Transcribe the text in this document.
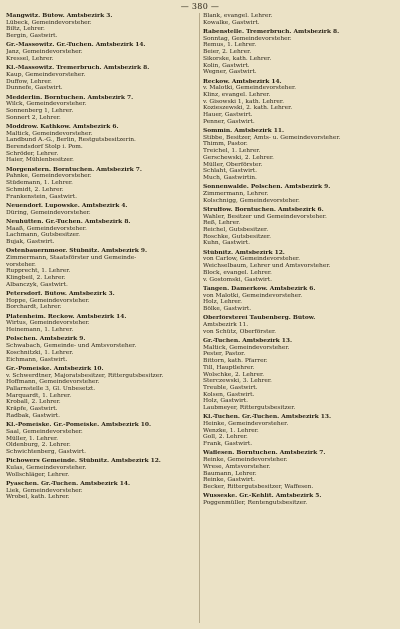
— 380 —
Mangwitz. Bütow. Amtsbezirk 3.
Lübeck, Gemeindevorsteher.
Biltz, Lehrer.
Bergin, Gastwirt.
Gr.-Massowitz. Gr.-Tuchen. Amtsbezirk 14.
Janz, Gemeindevorsteher.
Kressel, Lehrer.
Kl.-Massowitz. Tremerbruch. Amtsbezirk 8.
Kaup, Gemeindevorsteher.
Duffow, Lehrer.
Dunnefe, Gastwirt.
Medderlin. Borntuchen. Amtsbezirk 7.
Wilck, Gemeindevorsteher.
Sonnenberg 1, Lehrer.
Sonnert 2, Lehrer.
Moddrow. Kathkow. Amtsbezirk 6.
Maltick, Gemeindevorsteher.
Landbund A.-G., Berlin, Restgutsbesitzerin.
Berendsdorf Stolp i. Pom.
Schröder, Lehrer.
Haier, Mühlenbesitzer.
Morgenstern. Borntuchen. Amtsbezirk 7.
Pahnke, Gemeindevorsteher.
Stüdemann, 1. Lehrer.
Schmidt, 2. Lehrer.
Frankenstein, Gastwirt.
Neuendorf. Lupowske. Amtsbezirk 4.
Düring, Gemeindevorsteher.
Neuhütten. Gr.-Tuchen. Amtsbezirk 8.
Maaß, Gemeindevorsteher.
Lachmann, Gutsbesitzer.
Bujak, Gastwirt.
Ostenbauernmoor. Stübnitz. Amtsbezirk 9.
Zimmermann, Staatsförster und Gemeinde-
vorsteher.
Rupprecht, 1. Lehrer.
Klingbeil, 2. Lehrer.
Albanczyk, Gastwirt.
Petersdorf. Bütow. Amtsbezirk 3.
Hoppe, Gemeindevorsteher.
Borchardt, Lehrer.
Platenheim. Reckow. Amtsbezirk 14.
Wirtus, Gemeindevorsteher.
Heinemann, 1. Lehrer.
Polschen. Amtsbezirk 9.
Schwabach, Gemeinde- und Amtsvorsteher.
Koschnitzki, 1. Lehrer.
Eichmann, Gastwirt.
Gr.-Pomeiske. Amtsbezirk 10.
v. Schwerdtner, Majoratsbesitzer, Rittergutsbesitzer.
Hoffmann, Gemeindevorsteher.
Pallarnstelle 3, Gl. Unbesetzt.
Marquardt, 1. Lehrer.
Kroball, 2. Lehrer.
Kräpfe, Gastwirt.
Radbak, Gastwirt.
Kl.-Pomeiske. Gr.-Pomeiske. Amtsbezirk 10.
Saal, Gemeindevorsteher.
Müller, 1. Lehrer.
Oldenburg, 2. Lehrer.
Schwichtenberg, Gastwirt.
Pichowers Gemeinde. Stübnitz. Amtsbezirk 12.
Kulas, Gemeindevorsteher.
Wollschläger, Lehrer.
Pyaschen. Gr.-Tuchen. Amtsbezirk 14.
Liek, Gemeindevorsteher.
Wrobel, kath. Lehrer.
Blank, evangel. Lehrer.
Kowalke, Gastwirt.
Rabenstelle. Tremerbruch. Amtsbezirk 8.
Sonntag, Gemeindevorsteher.
Remus, 1. Lehrer.
Beier, 2. Lehrer.
Sikorske, kath. Lehrer.
Kolin, Gastwirt.
Wegner, Gastwirt.
Reckow. Amtsbezirk 14.
v. Malotki, Gemeindevorsteher.
Klinz, evangel. Lehrer.
v. Gisowski 1, kath. Lehrer.
Kozieszewski, 2. kath. Lehrer.
Hauer, Gastwirt.
Penner, Gastwirt.
Sommin. Amtsbezirk 11.
Stibbe, Besitzer, Amts- u. Gemeindevorsteher.
Thimm, Pastor.
Treichel, 1. Lehrer.
Gerschewski, 2. Lehrer.
Müller, Oberförster.
Schlaht, Gastwirt.
Much, Gastwirtin.
Sonnenwalde. Polschen. Amtsbezirk 9.
Zimmermann, Lehrer.
Kolschnigg, Gemeindevorsteher.
Struffow. Borntuchen. Amtsbezirk 6.
Wahler, Besitzer und Gemeindevorsteher.
Reß, Lehrer.
Reichel, Gutsbesitzer.
Roschke, Gutsbesitzer.
Kuhn, Gastwirt.
Stübnitz. Amtsbezirk 12.
von Carlow, Gemeindevorsteher.
Weichselbaum, Lehrer und Amtsvorsteher.
Block, evangel. Lehrer.
v. Gostomski, Gastwirt.
Tangen. Damerkow. Amtsbezirk 6.
von Malotki, Gemeindevorsteher.
Holz, Lehrer.
Bölke, Gastwirt.
Oberförsterei Taubenberg. Bütow.
Amtsbezirk 11.
von Schütz, Oberförster.
Gr.-Tuchen. Amtsbezirk 13.
Maltick, Gemeindevorsteher.
Pester, Pastor.
Bittorn, kath. Pfarrer.
Till, Hauptlehrer.
Wolschke, 2. Lehrer.
Sterczewski, 3. Lehrer.
Treuble, Gastwirt.
Kolsen, Gastwirt.
Holz, Gastwirt.
Laubmeyer, Rittergutsbesitzer.
Kl.-Tuchen. Gr.-Tuchen. Amtsbezirk 13.
Heinke, Gemeindevorsteher.
Wenzke, 1. Lehrer.
Goll, 2. Lehrer.
Frank, Gastwirt.
Waflesen. Borntuchen. Amtsbezirk 7.
Reinke, Gemeindevorsteher.
Wrese, Amtsvorsteher.
Baumann, Lehrer.
Reinke, Gastwirt.
Becker, Rittergutsbesitzer, Waffesen.
Wusseske. Gr.-Kehlit. Amtsbezirk 5.
Poggenmüller, Rentengutsbesitzer.
